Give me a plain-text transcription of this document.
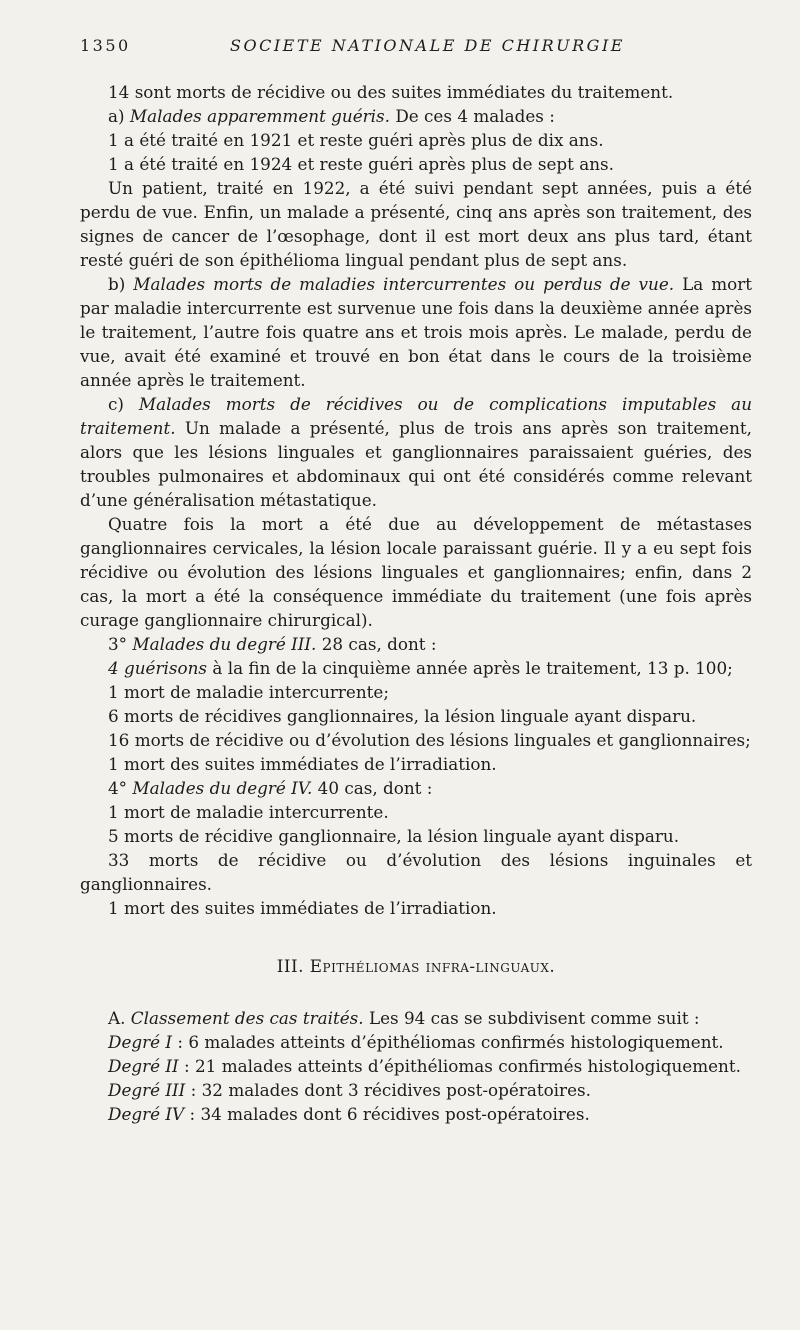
1350	SOCIETE NATIONALE DE CHIRURGIE

14 sont morts de récidive ou des suites immédiates du traitement.

a) Malades apparemment guéris. De ces 4 malades :

1 a été traité en 1921 et reste guéri après plus de dix ans.

1 a été traité en 1924 et reste guéri après plus de sept ans.

Un patient, traité en 1922, a été suivi pendant sept années, puis a été perdu de vue. Enfin, un malade a présenté, cinq ans après son traitement, des signes de cancer de l’œsophage, dont il est mort deux ans plus tard, étant resté guéri de son épithélioma lingual pendant plus de sept ans.

b) Malades morts de maladies intercurrentes ou perdus de vue. La mort par maladie intercurrente est survenue une fois dans la deuxième année après le traitement, l’autre fois quatre ans et trois mois après. Le malade, perdu de vue, avait été examiné et trouvé en bon état dans le cours de la troisième année après le traitement.

c) Malades morts de récidives ou de complications imputables au traitement. Un malade a présenté, plus de trois ans après son traitement, alors que les lésions linguales et ganglionnaires paraissaient guéries, des troubles pulmonaires et abdominaux qui ont été considérés comme relevant d’une généralisation métastatique.

Quatre fois la mort a été due au développement de métastases ganglionnaires cervicales, la lésion locale paraissant guérie. Il y a eu sept fois récidive ou évolution des lésions linguales et ganglionnaires; enfin, dans 2 cas, la mort a été la conséquence immédiate du traitement (une fois après curage ganglionnaire chirurgical).

3° Malades du degré III. 28 cas, dont :

4 guérisons à la fin de la cinquième année après le traitement, 13 p. 100;

1 mort de maladie intercurrente;

6 morts de récidives ganglionnaires, la lésion linguale ayant disparu.

16 morts de récidive ou d’évolution des lésions linguales et ganglionnaires;

1 mort des suites immédiates de l’irradiation.

4° Malades du degré IV. 40 cas, dont :

1 mort de maladie intercurrente.

5 morts de récidive ganglionnaire, la lésion linguale ayant disparu.

33 morts de récidive ou d’évolution des lésions inguinales et ganglionnaires.

1 mort des suites immédiates de l’irradiation.

III. Epithéliomas infra-linguaux.

A. Classement des cas traités. Les 94 cas se subdivisent comme suit :

Degré I : 6 malades atteints d’épithéliomas confirmés histologiquement.

Degré II : 21 malades atteints d’épithéliomas confirmés histologiquement.

Degré III : 32 malades dont 3 récidives post-opératoires.

Degré IV : 34 malades dont 6 récidives post-opératoires.
